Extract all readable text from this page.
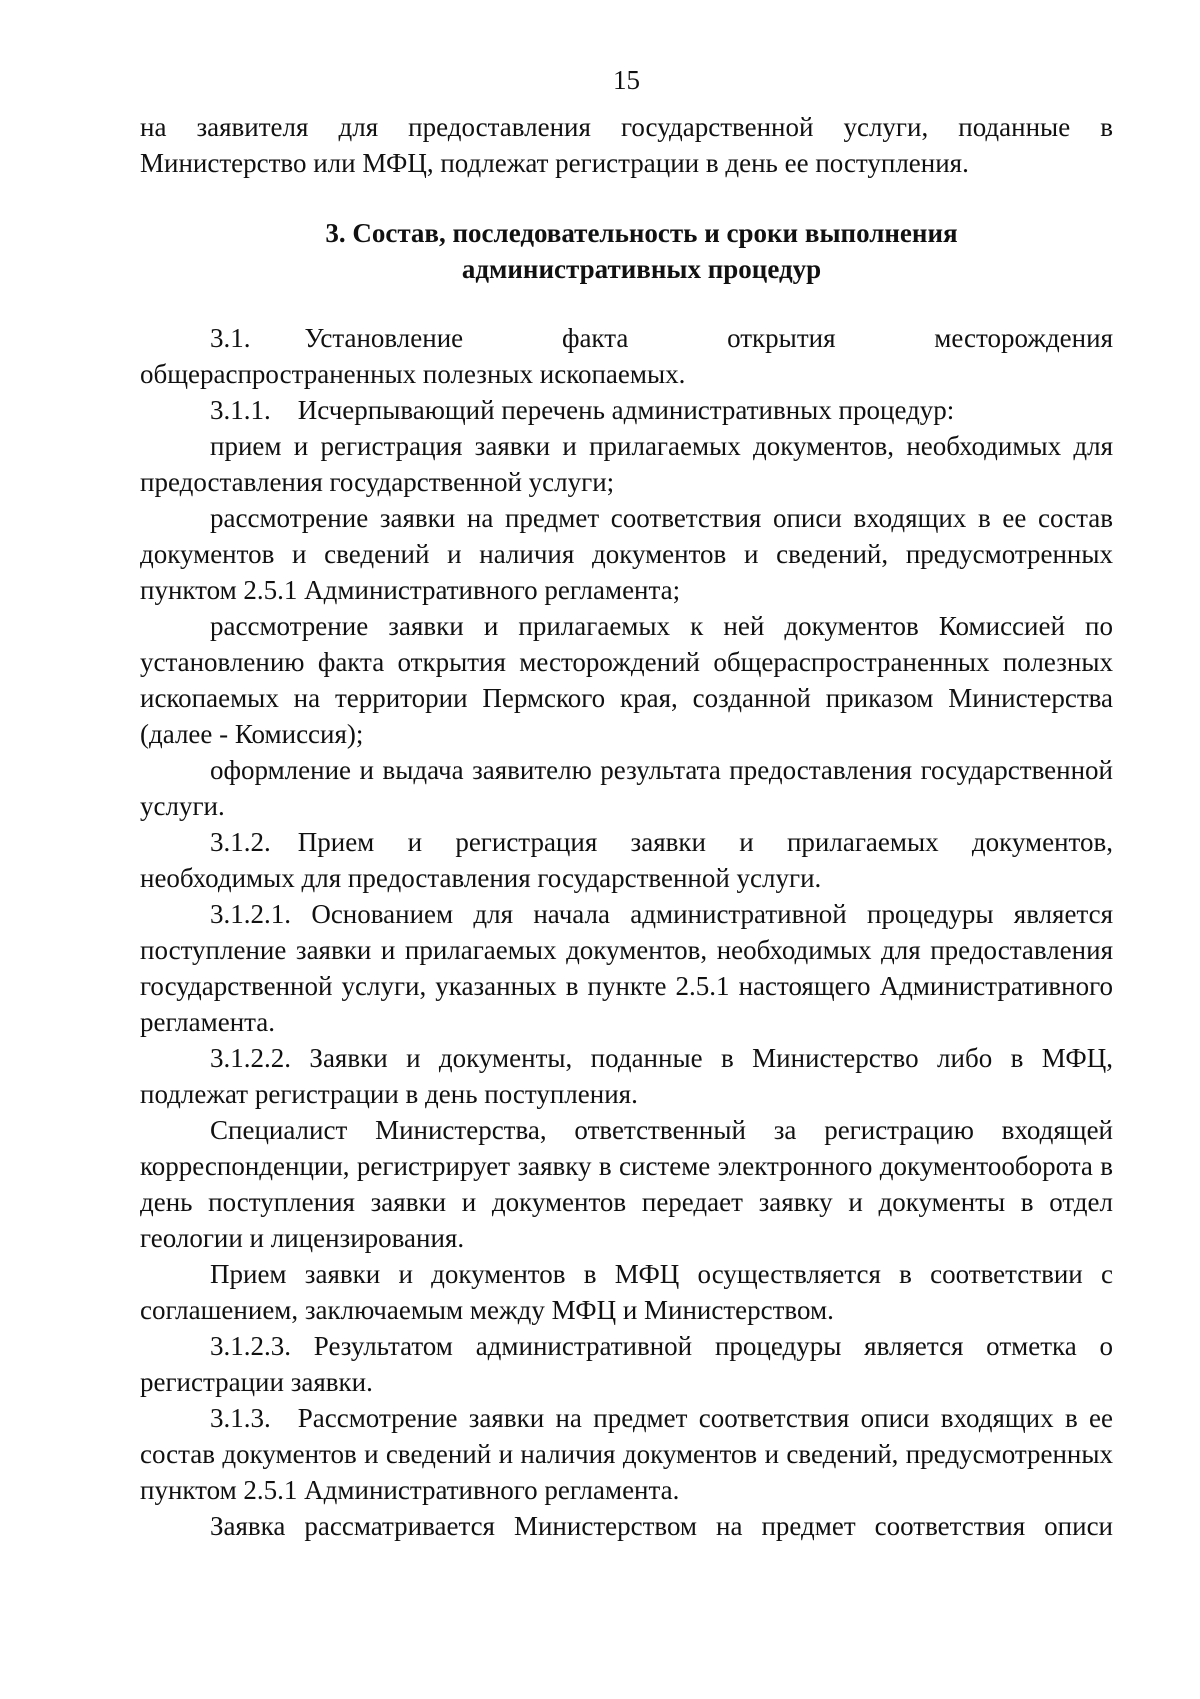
15

на заявителя для предоставления государственной услуги, поданные в Министерство или МФЦ, подлежат регистрации в день ее поступления.

3. Состав, последовательность и сроки выполнения
административных процедур

3.1.  Установление факта открытия месторождения общераспространенных полезных ископаемых.

3.1.1. Исчерпывающий перечень административных процедур:

прием и регистрация заявки и прилагаемых документов, необходимых для предоставления государственной услуги;

рассмотрение заявки на предмет соответствия описи входящих в ее состав документов и сведений и наличия документов и сведений, предусмотренных пунктом 2.5.1 Административного регламента;

рассмотрение заявки и прилагаемых к ней документов Комиссией по установлению факта открытия месторождений общераспространенных полезных ископаемых на территории Пермского края, созданной приказом Министерства (далее - Комиссия);

оформление и выдача заявителю результата предоставления государственной услуги.

3.1.2. Прием и регистрация заявки и прилагаемых документов, необходимых для предоставления государственной услуги.

3.1.2.1. Основанием для начала административной процедуры является поступление заявки и прилагаемых документов, необходимых для предоставления государственной услуги, указанных в пункте 2.5.1 настоящего Административного регламента.

3.1.2.2. Заявки и документы, поданные в Министерство либо в МФЦ, подлежат регистрации в день поступления.

Специалист Министерства, ответственный за регистрацию входящей корреспонденции, регистрирует заявку в системе электронного документооборота в день поступления заявки и документов передает заявку и документы в отдел геологии и лицензирования.

Прием заявки и документов в МФЦ осуществляется в соответствии с соглашением, заключаемым между МФЦ и Министерством.

3.1.2.3. Результатом административной процедуры является отметка о регистрации заявки.

3.1.3. Рассмотрение заявки на предмет соответствия описи входящих в ее состав документов и сведений и наличия документов и сведений, предусмотренных пунктом 2.5.1 Административного регламента.

Заявка рассматривается Министерством на предмет соответствия описи
